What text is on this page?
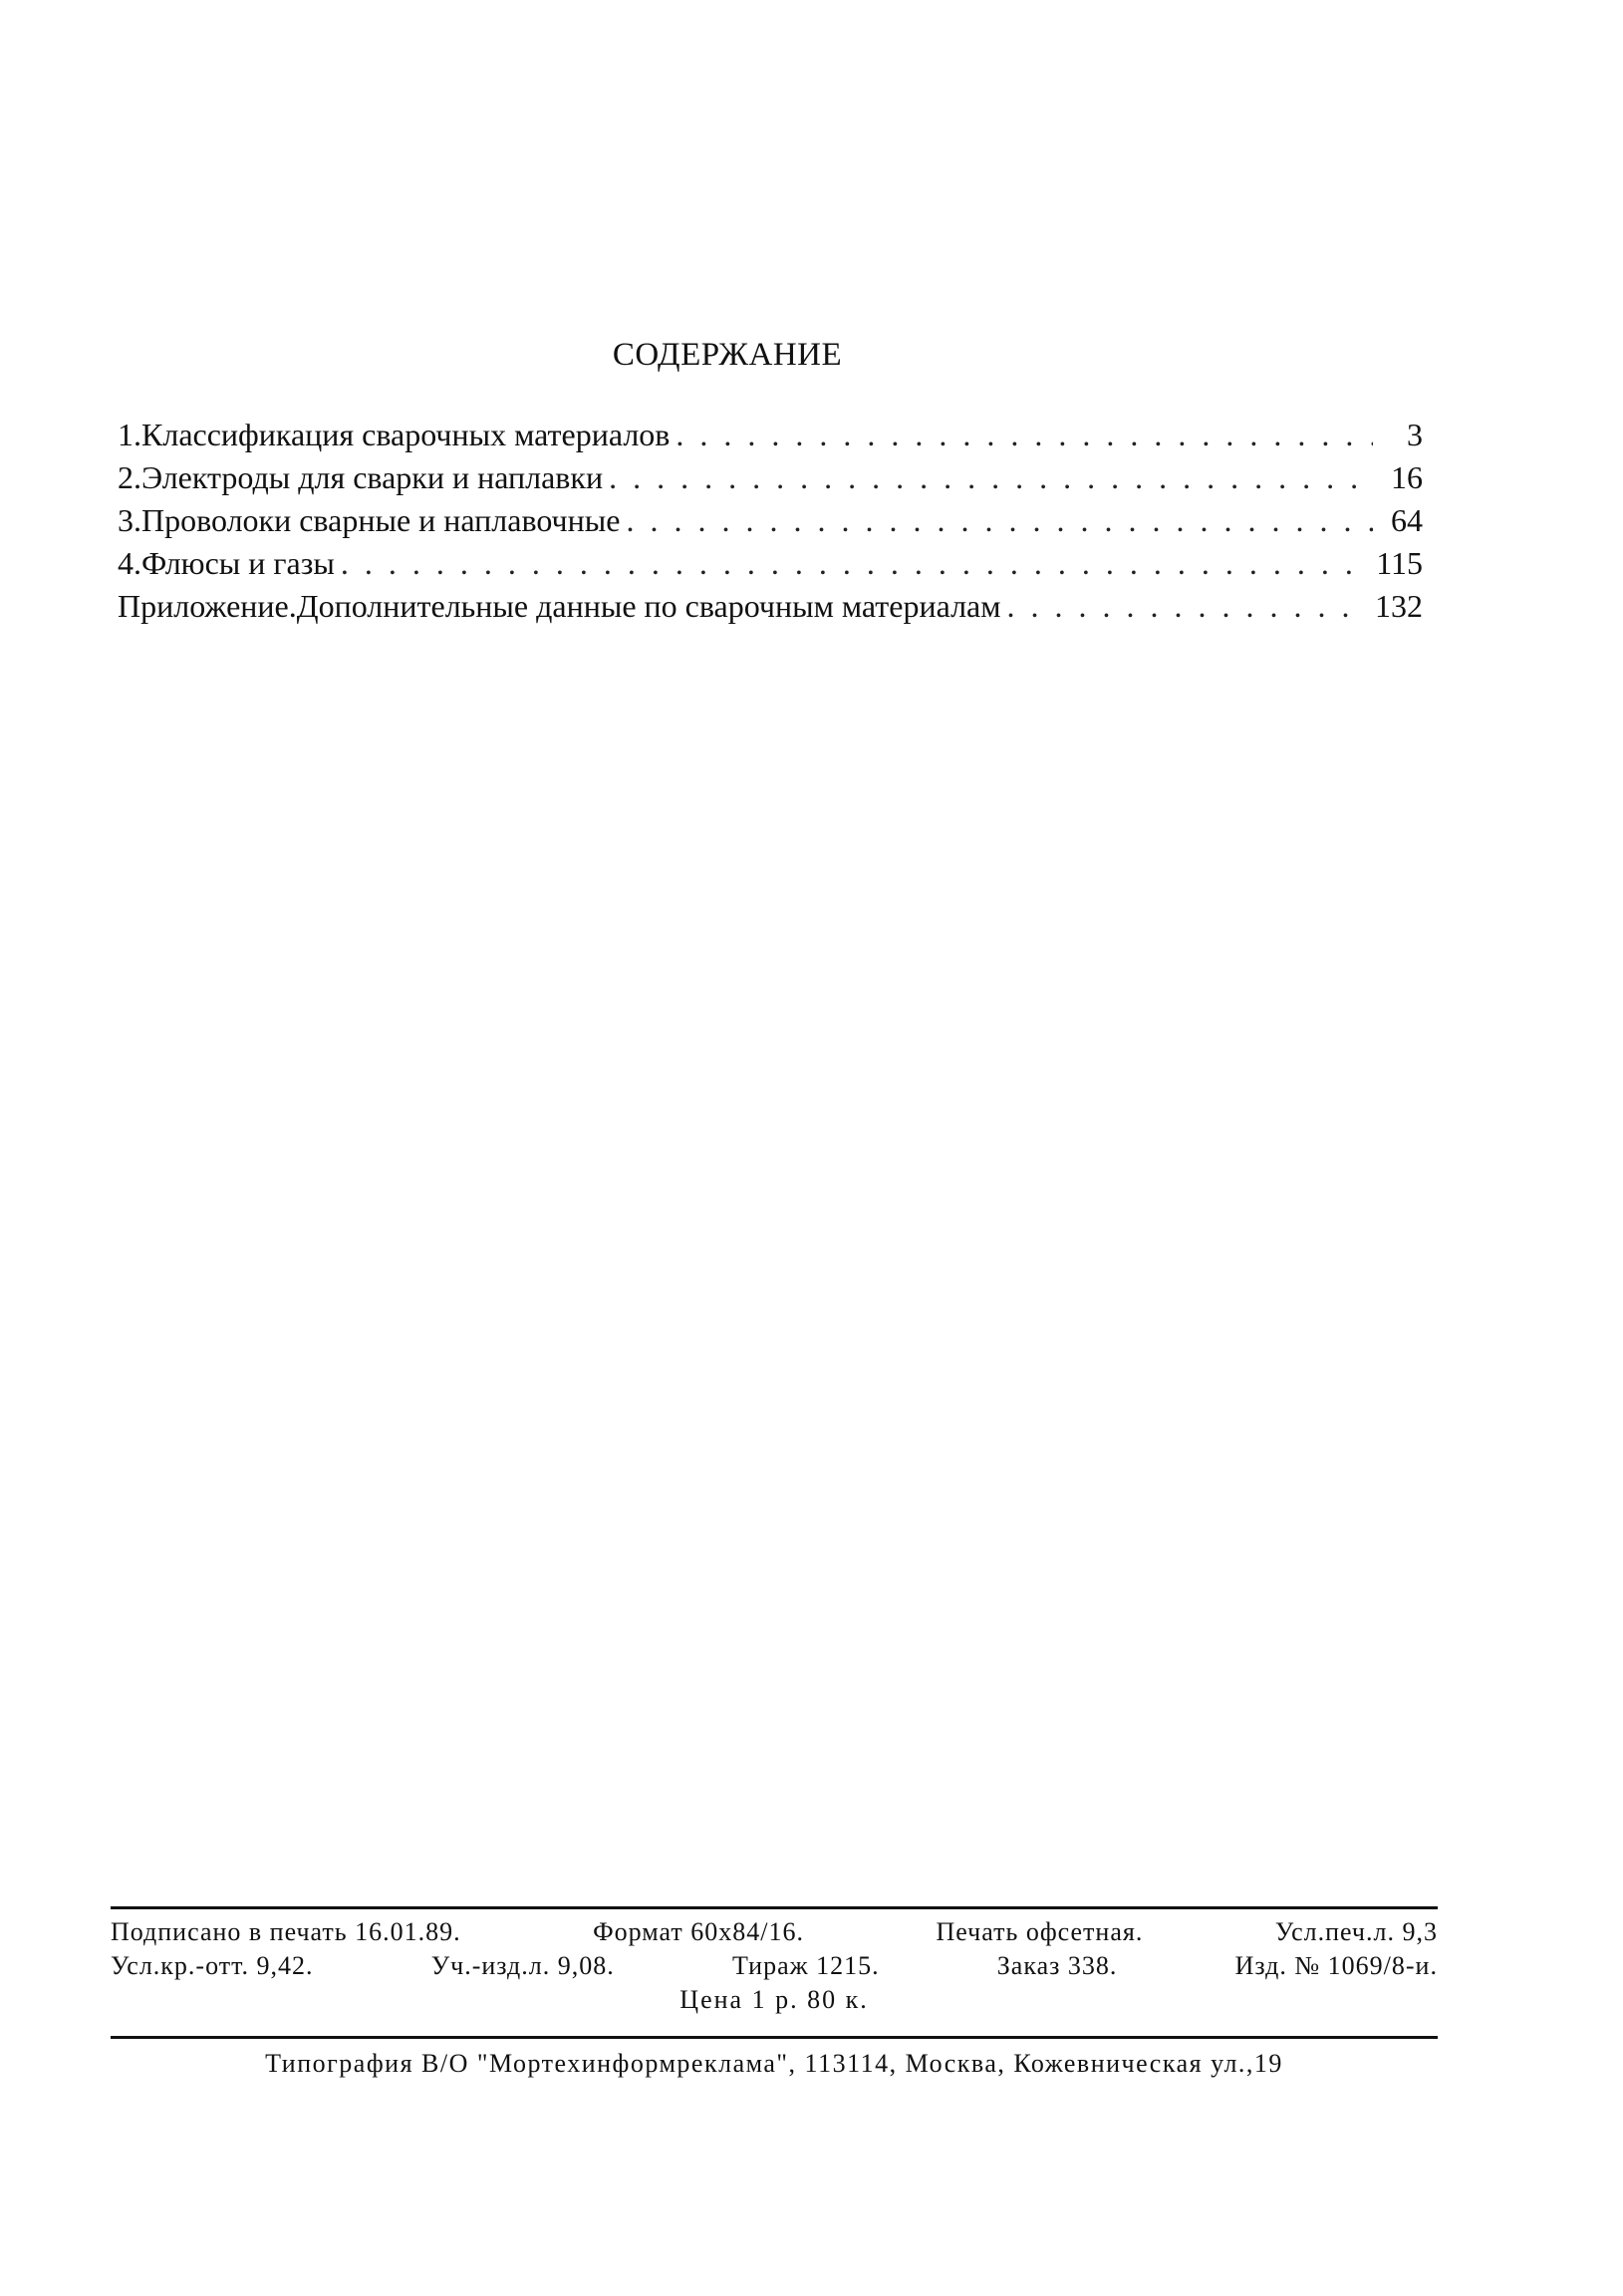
СОДЕРЖАНИЕ
1. Классификация сварочных материалов . . .	3
2. Электроды для сварки и наплавки . . .	16
3. Проволоки сварные и наплавочные . . .	64
4. Флюсы и газы . . .	115
Приложение.Дополнительные данные по сварочным материалам . . .	132
Подписано в печать 16.01.89.	Формат 60х84/16.	Печать офсетная.	Усл.печ.л. 9,3
Усл.кр.-отт. 9,42.	Уч.-изд.л. 9,08.	Тираж 1215.	Заказ 338.	Изд. № 1069/8-и.
Цена 1 р. 80 к.
Типография В/О "Мортехинформреклама", 113114, Москва, Кожевническая ул.,19
